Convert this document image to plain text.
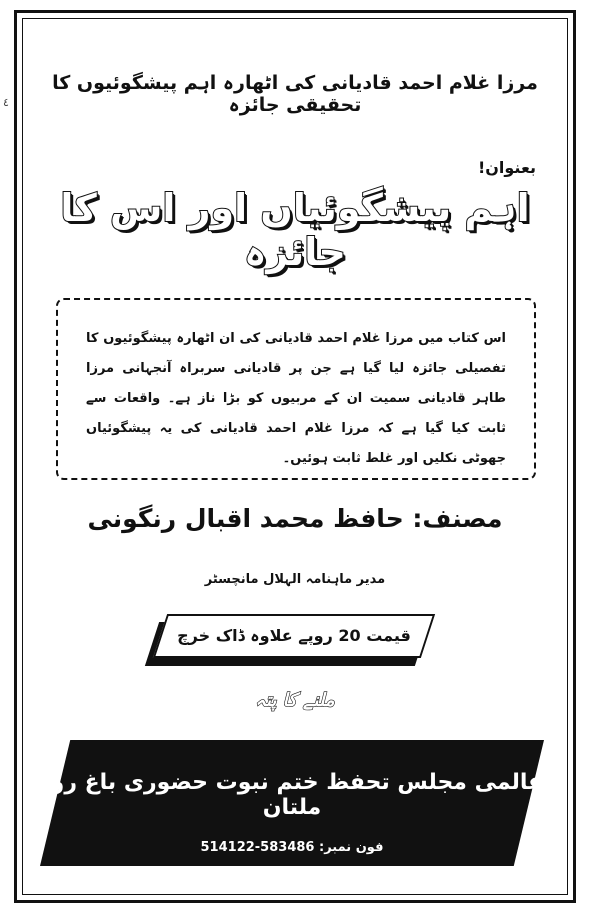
٤
مرزا غلام احمد قادیانی کی اٹھارہ اہم پیشگوئیوں کا تحقیقی جائزہ
بعنوان!
اہم پیشگوئیاں اور اس کا جائزہ
اس کتاب میں مرزا غلام احمد قادیانی کی ان اٹھارہ پیشگوئیوں کا تفصیلی جائزہ لیا گیا ہے جن پر قادیانی سربراہ آنجہانی مرزا طاہر قادیانی سمیت ان کے مربیوں کو بڑا ناز ہے۔ واقعات سے ثابت کیا گیا ہے کہ مرزا غلام احمد قادیانی کی یہ پیشگوئیاں جھوٹی نکلیں اور غلط ثابت ہوئیں۔
مصنف: حافظ محمد اقبال رنگونی
مدیر ماہنامہ الہلال مانچسٹر
قیمت 20 روپے علاوہ ڈاک خرچ
ملنے کا پتہ
عالمی مجلس تحفظ ختم نبوت حضوری باغ روڈ ملتان
فون نمبر: 514122-583486
